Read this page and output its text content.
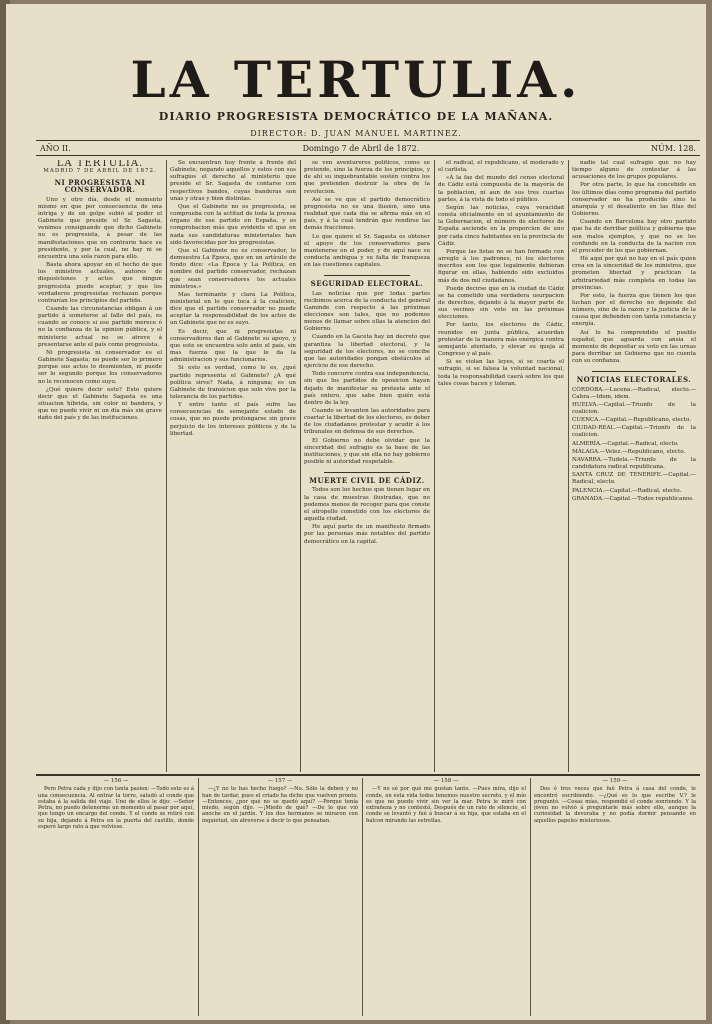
LA TERTULIA.
DIARIO PROGRESISTA DEMOCRÁTICO DE LA MAÑANA.
DIRECTOR: D. JUAN MANUEL MARTINEZ.
AÑO II.	Domingo 7 de Abril de 1872.	NÚM. 128.
LA TERTULIA.
MADRID 7 DE ABRIL DE 1872.
NI PROGRESISTA NI CONSERVADOR.

Uno y otro día, desde el momento mismo en que por consecuencia de una intriga y de un golpe subió al poder el Gabinete que preside el Sr. Sagasta, venimos consignando que dicho Gabinete no es progresista, á pesar de las manifestaciones que en contrario hace su presidente, y por la cual, no hay ni se encuentra una sola razon para ello.

Basta ahora apoyar en el hecho de que los ministros actuales, autores de disposiciones y actos que ningun progresista puede aceptar, y que los verdaderos progresistas rechazan porque contrarían los principios del partido.

Cuando las circunstancias obligan á un partido á someterse al fallo del país, es cuando se conoce si ese partido merece ó no la confianza de la opinion pública, y el ministerio actual no se atreve á presentarse ante el país como progresista.

Ni progresista ni conservador es el Gabinete Sagasta; no puede ser lo primero porque sus actos lo desmienten, ni puede ser lo segundo porque los conservadores no le reconocen como suyo.

¿Qué quiere decir esto? Esto quiere decir que el Gabinete Sagasta es una situacion híbrida, sin color ni bandera, y que no puede vivir ni un día más sin grave daño del país y de las instituciones.

Se encuentran hoy frente á frente del Gabinete, negando aquellos y estos con sus sufragios el derecho al ministerio que preside el Sr. Sagasta de contarse con respectivos bandos, cuyas banderas son unas y otras y bien distintas.

Que el Gabinete no es progresista, se comprueba con la actitud de toda la prensa órgano de ese partido en España, y es comprobacion más que evidente el que en nada sus candidaturas ministeriales han sido favorecidas por los progresistas.

Que el Gabinete no es conservador, lo demuestra La Época, que en un artículo de fondo dice: «La Época y La Política, en nombre del partido conservador, rechazan que sean conservadores los actuales ministros.»

Mas terminante y clara La Política, ministerial en lo que toca á la coalicion, dice que el partido conservador no puede aceptar la responsabilidad de los actos de un Gabinete que no es suyo.

Es decir, que ni progresistas ni conservadores dan al Gabinete su apoyo, y que este se encuentra solo ante el país, sin mas fuerza que la que le da la administracion y sus funcionarios.

Si esto es verdad, como lo es, ¿qué partido representa el Gabinete? ¿A qué política sirve? Nada, á ninguna; es un Gabinete de transicion que solo vive por la tolerancia de los partidos.

Y entre tanto el país sufre las consecuencias de semejante estado de cosas, que no puede prolongarse sin grave perjuicio de los intereses públicos y de la libertad.

se ven aventureros políticos, como se pretende, sino la fuerza de los principios, y de ahí su inquebrantable sostén contra los que pretenden destruir la obra de la revolucion.

Así se ve que el partido democrático progresista no es una ilusion, sino una realidad que cada día se afirma más en el país, y á la cual tendrán que rendirse las demás fracciones.

Lo que quiere el Sr. Sagasta es obtener el apoyo de los conservadores para mantenerse en el poder, y de aquí nace su conducta ambigua y su falta de franqueza en las cuestiones capitales.

SEGURIDAD ELECTORAL.

Las noticias que por todas partes recibimos acerca de la conducta del general Gaminde con respecto á las próximas elecciones son tales, que no podemos menos de llamar sobre ellas la atencion del Gobierno.

Cuando en la Gaceta hay un decreto que garantiza la libertad electoral, y la seguridad de los electores, no se concibe que las autoridades pongan obstáculos al ejercicio de ese derecho.

Todo concurre contra esa independencia, sin que los partidos de oposicion hayan dejado de manifestar su protesta ante el país entero, que sabe bien quién está dentro de la ley.

Cuando se levanten las autoridades para coartar la libertad de los electores, es deber de los ciudadanos protestar y acudir á los tribunales en defensa de sus derechos.

El Gobierno no debe olvidar que la sinceridad del sufragio es la base de las instituciones, y que sin ella no hay gobierno posible ni autoridad respetable.

MUERTE CIVIL DE CÁDIZ.

Todos son los hechos que tienen lugar en la casa de muestras ilustradas, que no podemos menos de recoger para que conste el atropello cometido con los electores de aquella ciudad.

He aquí parte de un manifiesto firmado por las personas más notables del partido democrático en la capital.

el radical, el republicano, el moderado y el carlista.

«Á la faz del mundo del censo electoral de Cádiz está compuesta de la mayoría de la poblacion, ni aun de sus tres cuartas partes, á la vista de todo el público.

Según las noticias, cuya veracidad consta oficialmente en el ayuntamiento de la Gobernacion, el número de electores de España asciende en la proporcion de uno por cada cinco habitantes en la provincia de Cádiz.

Porque las listas no se han formado con arreglo á los padrones, ni los electores inscritos son los que legalmente debieran figurar en ellas, habiendo sido excluidos más de dos mil ciudadanos.

Puede decirse que en la ciudad de Cádiz se ha cometido una verdadera usurpacion de derechos, dejando á la mayor parte de sus vecinos sin voto en las próximas elecciones.

Por tanto, los electores de Cádiz, reunidos en junta pública, acuerdan protestar de la manera más enérgica contra semejante atentado, y elevar su queja al Congreso y al país.

Si se violan las leyes, si se coarta el sufragio, si se falsea la voluntad nacional, toda la responsabilidad caerá sobre los que tales cosas hacen y toleran.

nadie tal cual sufragio que no hay tiempo alguno de contestar á las acusaciones de los grupos populares.

Por otra parte, lo que ha concebido en los últimos días como programa del partido conservador no ha producido sino la anarquía y el desaliento en las filas del Gobierno.

Cuando en Barcelona hay otro partido que ha de derribar política y gobierno que son malos ejemplos, y que no se los confunde en la conducta de la nacion con el proceder de los que gobiernan.

Hé aquí por qué no hay en el país quien crea en la sinceridad de los ministros, que prometen libertad y practican la arbitrariedad más completa en todas las provincias.

Por esto, la fuerza que tienen los que luchan por el derecho no depende del número, sino de la razon y la justicia de la causa que defienden con tanta constancia y energía.

Así lo ha comprendido el pueblo español, que aguarda con ansia el momento de depositar su voto en las urnas para derribar un Gobierno que no cuenta con su confianza.

NOTICIAS ELECTORALES.

CÓRDOBA.—Lucena.—Radical, electo.—Cabra.—Idem, idem.

HUELVA.—Capital.—Triunfo de la coalicion.

CUENCA.—Capital.—Republicano, electo.

CIUDAD-REAL.—Capital.—Triunfo de la coalicion.

ALMERÍA.—Capital.—Radical, electo.

MÁLAGA.—Velez.—Republicano, electo.

NAVARRA.—Tudela.—Triunfo de la candidatura radical republicana.

SANTA CRUZ DE TENERIFE.—Capital.—Radical, electo.

PALENCIA.—Capital.—Radical, electo.

GRANADA.—Capital.—Todos republicanos.

— 156 —

Pero Petra cada y dijo con tanta pasion: —Todo esto es á una consecuencia. Al entrar la torre, saludó al conde que estaba á la salida del viaje. Uno de ellos le dijo: —Señor Petra, no puedo detenerme un momento al pasar por aquí, que tengo un encargo del conde. Y el conde se retiró con su hija, dejando á Petra en la puerta del castillo, donde esperó largo rato á que volviese.

— 157 —

—¿Y no te has hecho fuego? —No. Sólo la deben y no han de tardar, pues el criado ha dicho que vuelven pronto. —Entonces, ¿por qué no se quedó aquí? —Porque tenía miedo, según dijo. —¡Miedo de qué? —De lo que vió anoche en el jardín. Y los dos hermanos se miraron con inquietud, sin atreverse á decir lo que pensaban.

— 158 —

—Y no sé por qué me gustan tanto. —Pues mira, dijo el conde, en esta vida todos tenemos nuestro secreto, y el mío es que no puedo vivir sin ver la mar. Petra le miró con extrañeza y no contestó. Después de un rato de silencio, el conde se levantó y fué á buscar á su hija, que estaba en el balcon mirando las estrellas.

— 159 —

Dos ó tres veces que fué Petra á casa del conde, le encontró escribiendo. —¿Qué es lo que escribe V.? le preguntó. —Cosas mías, respondió el conde sonriendo. Y la jóven no volvió á preguntarle más sobre ello, aunque la curiosidad la devoraba y no podía dormir pensando en aquellos papeles misteriosos.
